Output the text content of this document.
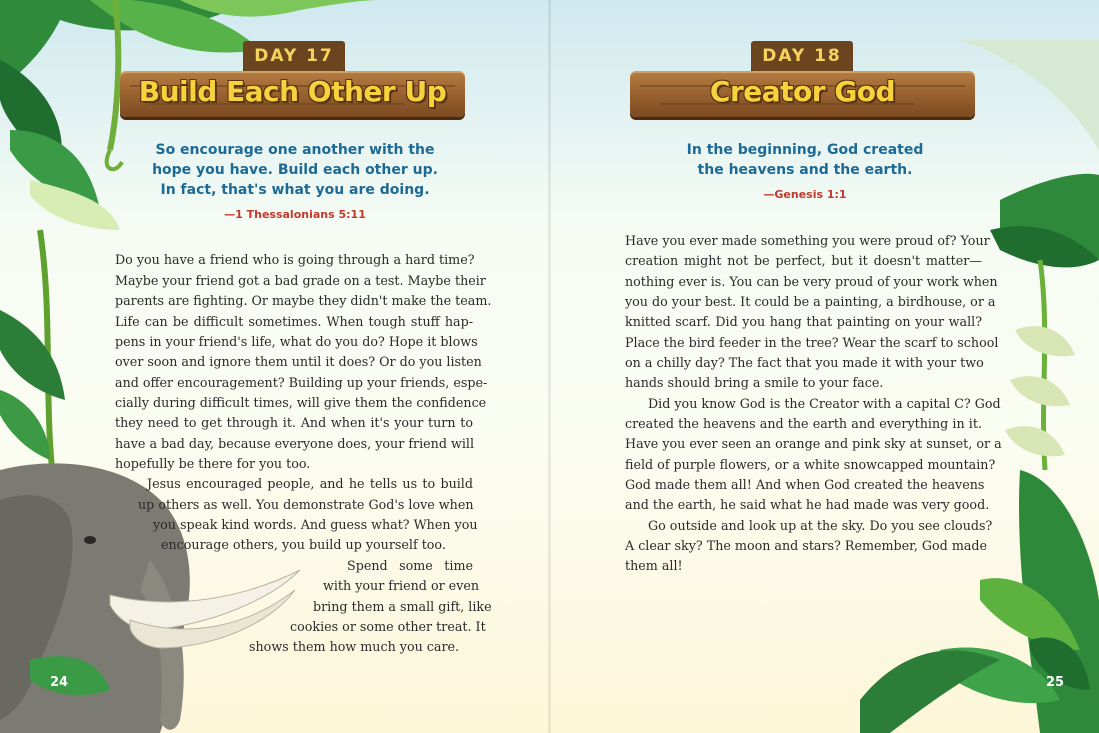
DAY 17
Build Each Other Up
So encourage one another with the
hope you have. Build each other up.
In fact, that's what you are doing.
—1 Thessalonians 5:11
Do you have a friend who is going through a hard time?
Maybe your friend got a bad grade on a test. Maybe their
parents are fighting. Or maybe they didn't make the team.
Life can be difficult sometimes. When tough stuff hap-
pens in your friend's life, what do you do? Hope it blows
over soon and ignore them until it does? Or do you listen
and offer encouragement? Building up your friends, espe-
cially during difficult times, will give them the confidence
they need to get through it. And when it's your turn to
have a bad day, because everyone does, your friend will
hopefully be there for you too.
Jesus encouraged people, and he tells us to build
up others as well. You demonstrate God's love when
you speak kind words. And guess what? When you
encourage others, you build up yourself too.
Spend some time
with your friend or even
bring them a small gift, like
cookies or some other treat. It
shows them how much you care.
24
DAY 18
Creator God
In the beginning, God created
the heavens and the earth.
—Genesis 1:1
Have you ever made something you were proud of? Your
creation might not be perfect, but it doesn't matter—
nothing ever is. You can be very proud of your work when
you do your best. It could be a painting, a birdhouse, or a
knitted scarf. Did you hang that painting on your wall?
Place the bird feeder in the tree? Wear the scarf to school
on a chilly day? The fact that you made it with your two
hands should bring a smile to your face.
Did you know God is the Creator with a capital C? God
created the heavens and the earth and everything in it.
Have you ever seen an orange and pink sky at sunset, or a
field of purple flowers, or a white snowcapped mountain?
God made them all! And when God created the heavens
and the earth, he said what he had made was very good.
Go outside and look up at the sky. Do you see clouds?
A clear sky? The moon and stars? Remember, God made
them all!
25
